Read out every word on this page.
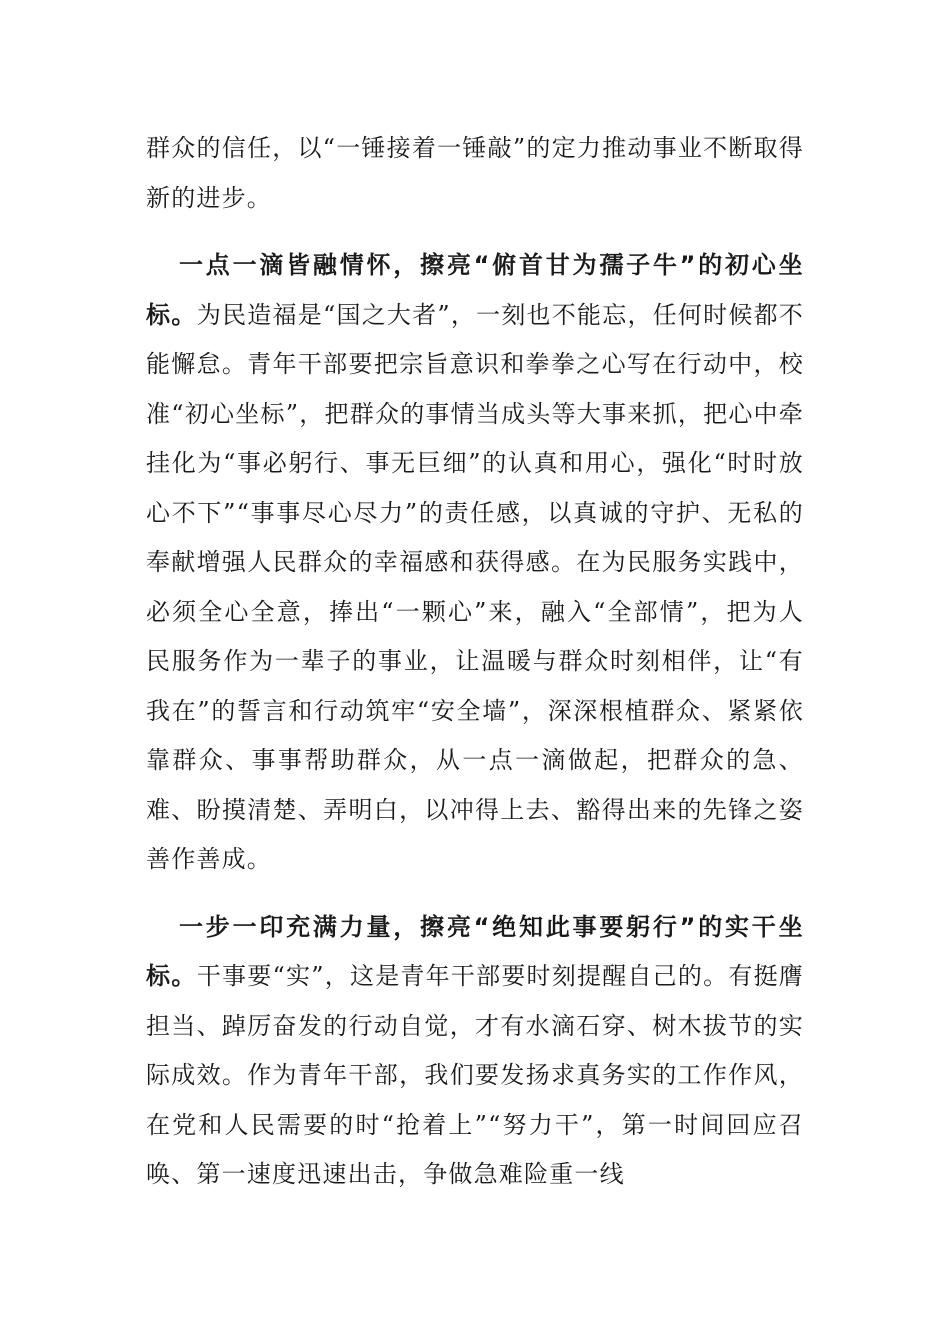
群众的信任，以“一锤接着一锤敲”的定力推动事业不断取得新的进步。

一点一滴皆融情怀，擦亮“俯首甘为孺子牛”的初心坐标。为民造福是“国之大者”，一刻也不能忘，任何时候都不能懈怠。青年干部要把宗旨意识和拳拳之心写在行动中，校准“初心坐标”，把群众的事情当成头等大事来抓，把心中牵挂化为“事必躬行、事无巨细”的认真和用心，强化“时时放心不下”“事事尽心尽力”的责任感，以真诚的守护、无私的奉献增强人民群众的幸福感和获得感。在为民服务实践中，必须全心全意，捧出“一颗心”来，融入“全部情”，把为人民服务作为一辈子的事业，让温暖与群众时刻相伴，让“有我在”的誓言和行动筑牢“安全墙”，深深根植群众、紧紧依靠群众、事事帮助群众，从一点一滴做起，把群众的急、难、盼摸清楚、弄明白，以冲得上去、豁得出来的先锋之姿善作善成。

一步一印充满力量，擦亮“绝知此事要躬行”的实干坐标。干事要“实”，这是青年干部要时刻提醒自己的。有挺膺担当、踔厉奋发的行动自觉，才有水滴石穿、树木拔节的实际成效。作为青年干部，我们要发扬求真务实的工作作风，在党和人民需要的时“抢着上”“努力干”，第一时间回应召唤、第一速度迅速出击，争做急难险重一线
